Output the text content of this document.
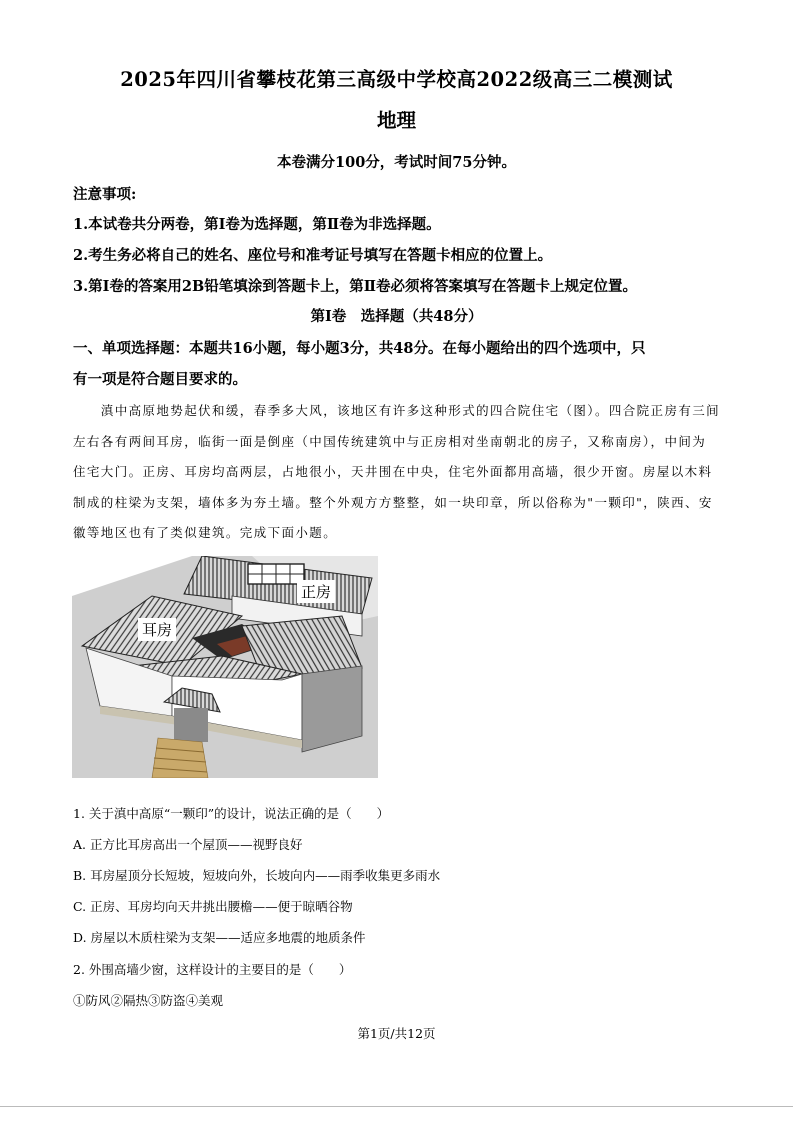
2025年四川省攀枝花第三高级中学校高2022级高三二模测试
地理
本卷满分100分，考试时间75分钟。
注意事项:
1.本试卷共分两卷，第Ⅰ卷为选择题，第Ⅱ卷为非选择题。
2.考生务必将自己的姓名、座位号和准考证号填写在答题卡相应的位置上。
3.第Ⅰ卷的答案用2B铅笔填涂到答题卡上，第Ⅱ卷必须将答案填写在答题卡上规定位置。
第Ⅰ卷　选择题（共48分）
一、单项选择题：本题共16小题，每小题3分，共48分。在每小题给出的四个选项中，只
有一项是符合题目要求的。
　　滇中高原地势起伏和缓，春季多大风，该地区有许多这种形式的四合院住宅（图）。四合院正房有三间
左右各有两间耳房，临街一面是倒座（中国传统建筑中与正房相对坐南朝北的房子，又称南房），中间为
住宅大门。正房、耳房均高两层，占地很小，天井围在中央，住宅外面都用高墙，很少开窗。房屋以木料
制成的柱梁为支架，墙体多为夯土墙。整个外观方方整整，如一块印章，所以俗称为"一颗印"，陕西、安
徽等地区也有了类似建筑。完成下面小题。
正房
耳房
1. 关于滇中高原“一颗印”的设计，说法正确的是（　　）
A. 正方比耳房高出一个屋顶——视野良好
B. 耳房屋顶分长短坡，短坡向外，长坡向内——雨季收集更多雨水
C. 正房、耳房均向天井挑出腰檐——便于晾晒谷物
D. 房屋以木质柱梁为支架——适应多地震的地质条件
2. 外围高墙少窗，这样设计的主要目的是（　　）
①防风②隔热③防盗④美观
第1页/共12页
